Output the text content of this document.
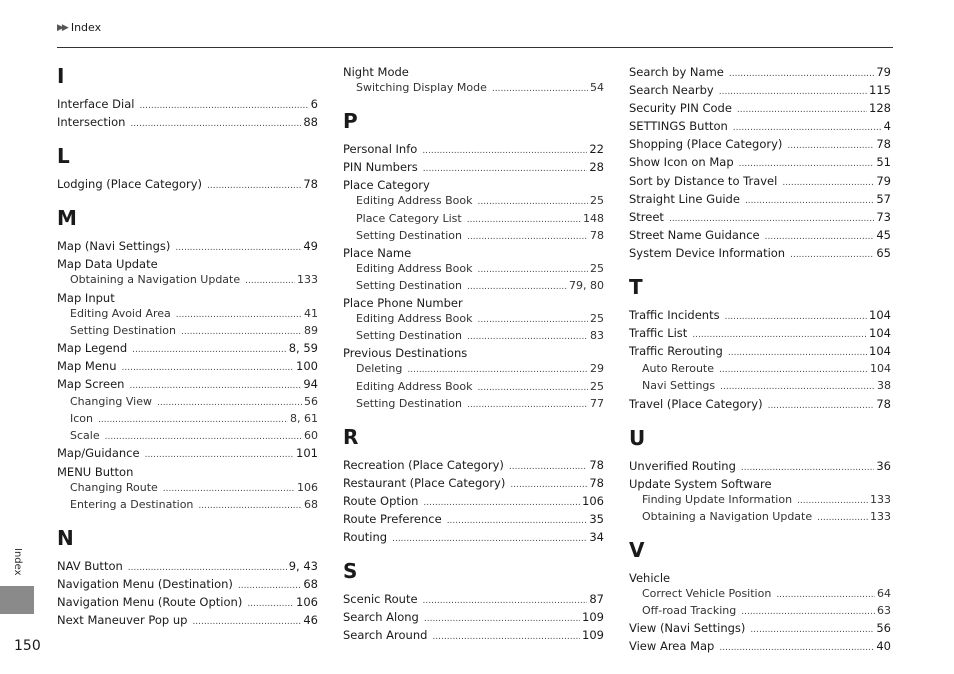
▶▶ Index
I
Interface Dial .....	6
Intersection .....	88
L
Lodging (Place Category) .....	78
M
Map (Navi Settings) .....	49
Map Data Update
Obtaining a Navigation Update .....	133
Map Input
Editing Avoid Area .....	41
Setting Destination .....	89
Map Legend .....	8, 59
Map Menu .....	100
Map Screen .....	94
Changing View .....	56
Icon .....	8, 61
Scale .....	60
Map/Guidance .....	101
MENU Button
Changing Route .....	106
Entering a Destination .....	68
N
NAV Button .....	9, 43
Navigation Menu (Destination) .....	68
Navigation Menu (Route Option) .....	106
Next Maneuver Pop up .....	46
Night Mode
Switching Display Mode .....	54
P
Personal Info .....	22
PIN Numbers .....	28
Place Category
Editing Address Book .....	25
Place Category List .....	148
Setting Destination .....	78
Place Name
Editing Address Book .....	25
Setting Destination .....	79, 80
Place Phone Number
Editing Address Book .....	25
Setting Destination .....	83
Previous Destinations
Deleting .....	29
Editing Address Book .....	25
Setting Destination .....	77
R
Recreation (Place Category) .....	78
Restaurant (Place Category) .....	78
Route Option .....	106
Route Preference .....	35
Routing .....	34
S
Scenic Route .....	87
Search Along .....	109
Search Around .....	109
Search by Name .....	79
Search Nearby .....	115
Security PIN Code .....	128
SETTINGS Button .....	4
Shopping (Place Category) .....	78
Show Icon on Map .....	51
Sort by Distance to Travel .....	79
Straight Line Guide .....	57
Street .....	73
Street Name Guidance .....	45
System Device Information .....	65
T
Traffic Incidents .....	104
Traffic List .....	104
Traffic Rerouting .....	104
Auto Reroute .....	104
Navi Settings .....	38
Travel (Place Category) .....	78
U
Unverified Routing .....	36
Update System Software
Finding Update Information .....	133
Obtaining a Navigation Update .....	133
V
Vehicle
Correct Vehicle Position .....	64
Off-road Tracking .....	63
View (Navi Settings) .....	56
View Area Map .....	40
Index
150
